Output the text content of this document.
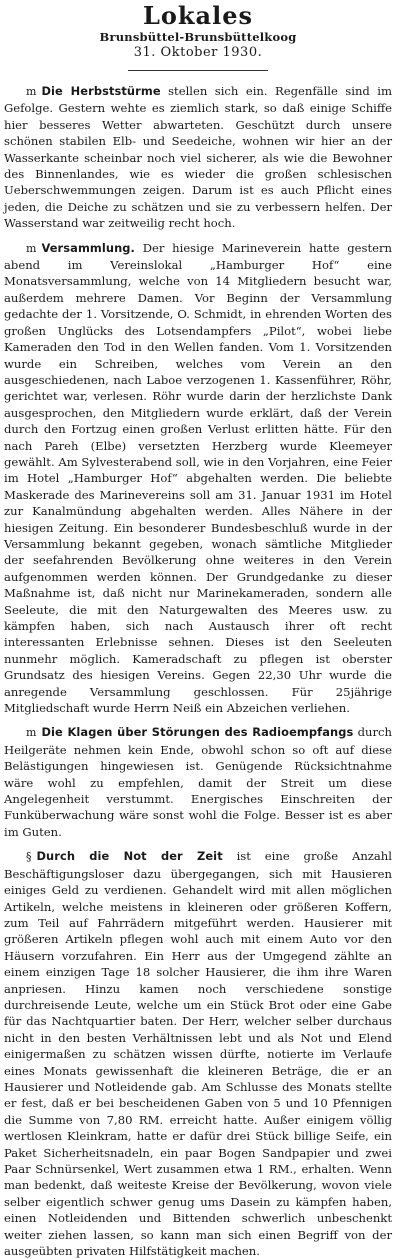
Lokales
Brunsbüttel-Brunsbüttelkoog
31. Oktober 1930.

m Die Herbststürme stellen sich ein. Regenfälle sind im Gefolge. Gestern wehte es ziemlich stark, so daß einige Schiffe hier besseres Wetter abwarteten. Geschützt durch unsere schönen stabilen Elb- und Seedeiche, wohnen wir hier an der Wasserkante scheinbar noch viel sicherer, als wie die Bewohner des Binnenlandes, wie es wieder die großen schlesischen Ueberschwemmungen zeigen. Darum ist es auch Pflicht eines jeden, die Deiche zu schätzen und sie zu verbessern helfen. Der Wasserstand war zeitweilig recht hoch.

m Versammlung. Der hiesige Marineverein hatte gestern abend im Vereinslokal „Hamburger Hof“ eine Monatsversammlung, welche von 14 Mitgliedern besucht war, außerdem mehrere Damen. Vor Beginn der Versammlung gedachte der 1. Vorsitzende, O. Schmidt, in ehrenden Worten des großen Unglücks des Lotsendampfers „Pilot“, wobei liebe Kameraden den Tod in den Wellen fanden. Vom 1. Vorsitzenden wurde ein Schreiben, welches vom Verein an den ausgeschiedenen, nach Laboe verzogenen 1. Kassenführer, Röhr, gerichtet war, verlesen. Röhr wurde darin der herzlichste Dank ausgesprochen, den Mitgliedern wurde erklärt, daß der Verein durch den Fortzug einen großen Verlust erlitten hätte. Für den nach Pareh (Elbe) versetzten Herzberg wurde Kleemeyer gewählt. Am Sylvesterabend soll, wie in den Vorjahren, eine Feier im Hotel „Hamburger Hof“ abgehalten werden. Die beliebte Maskerade des Marinevereins soll am 31. Januar 1931 im Hotel zur Kanalmündung abgehalten werden. Alles Nähere in der hiesigen Zeitung. Ein besonderer Bundesbeschluß wurde in der Versammlung bekannt gegeben, wonach sämtliche Mitglieder der seefahrenden Bevölkerung ohne weiteres in den Verein aufgenommen werden können. Der Grundgedanke zu dieser Maßnahme ist, daß nicht nur Marinekameraden, sondern alle Seeleute, die mit den Naturgewalten des Meeres usw. zu kämpfen haben, sich nach Austausch ihrer oft recht interessanten Erlebnisse sehnen. Dieses ist den Seeleuten nunmehr möglich. Kameradschaft zu pflegen ist oberster Grundsatz des hiesigen Vereins. Gegen 22,30 Uhr wurde die anregende Versammlung geschlossen. Für 25jährige Mitgliedschaft wurde Herrn Neiß ein Abzeichen verliehen.

m Die Klagen über Störungen des Radioempfangs durch Heilgeräte nehmen kein Ende, obwohl schon so oft auf diese Belästigungen hingewiesen ist. Genügende Rücksichtnahme wäre wohl zu empfehlen, damit der Streit um diese Angelegenheit verstummt. Energisches Einschreiten der Funküberwachung wäre sonst wohl die Folge. Besser ist es aber im Guten.

§ Durch die Not der Zeit ist eine große Anzahl Beschäftigungsloser dazu übergegangen, sich mit Hausieren einiges Geld zu verdienen. Gehandelt wird mit allen möglichen Artikeln, welche meistens in kleineren oder größeren Koffern, zum Teil auf Fahrrädern mitgeführt werden. Hausierer mit größeren Artikeln pflegen wohl auch mit einem Auto vor den Häusern vorzufahren. Ein Herr aus der Umgegend zählte an einem einzigen Tage 18 solcher Hausierer, die ihm ihre Waren anpriesen. Hinzu kamen noch verschiedene sonstige durchreisende Leute, welche um ein Stück Brot oder eine Gabe für das Nachtquartier baten. Der Herr, welcher selber durchaus nicht in den besten Verhältnissen lebt und als Not und Elend einigermaßen zu schätzen wissen dürfte, notierte im Verlaufe eines Monats gewissenhaft die kleineren Beträge, die er an Hausierer und Notleidende gab. Am Schlusse des Monats stellte er fest, daß er bei bescheidenen Gaben von 5 und 10 Pfennigen die Summe von 7,80 RM. erreicht hatte. Außer einigem völlig wertlosen Kleinkram, hatte er dafür drei Stück billige Seife, ein Paket Sicherheitsnadeln, ein paar Bogen Sandpapier und zwei Paar Schnürsenkel, Wert zusammen etwa 1 RM., erhalten. Wenn man bedenkt, daß weiteste Kreise der Bevölkerung, wovon viele selber eigentlich schwer genug ums Dasein zu kämpfen haben, einen Notleidenden und Bittenden schwerlich unbeschenkt weiter ziehen lassen, so kann man sich einen Begriff von der ausgeübten privaten Hilfstätigkeit machen.
